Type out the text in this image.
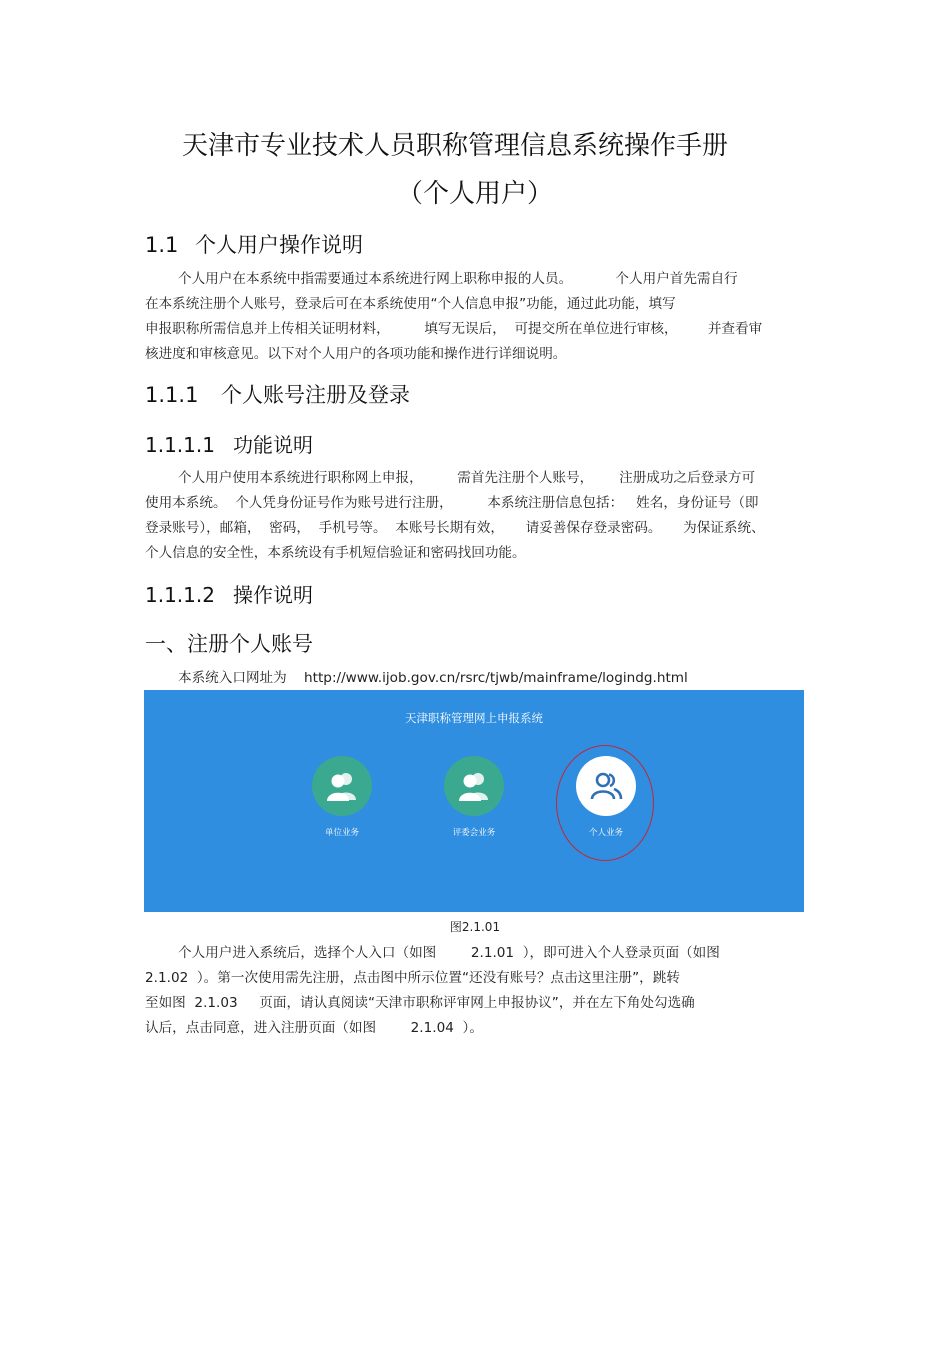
天津市专业技术人员职称管理信息系统操作手册
（个人用户）
1.1 个人用户操作说明
个人用户在本系统中指需要通过本系统进行网上职称申报的人员。          个人用户首先需自行
在本系统注册个人账号，登录后可在本系统使用“个人信息申报”功能，通过此功能，填写
申报职称所需信息并上传相关证明材料，        填写无误后，  可提交所在单位进行审核，       并查看审
核进度和审核意见。以下对个人用户的各项功能和操作进行详细说明。
1.1.1 个人账号注册及登录
1.1.1.1 功能说明
个人用户使用本系统进行职称网上申报，        需首先注册个人账号，      注册成功之后登录方可
使用本系统。  个人凭身份证号作为账号进行注册，        本系统注册信息包括：   姓名，身份证号（即
登录账号），邮箱，  密码，  手机号等。  本账号长期有效，     请妥善保存登录密码。     为保证系统、
个人信息的安全性，本系统设有手机短信验证和密码找回功能。
1.1.1.2 操作说明
一、注册个人账号
本系统入口网址为    http://www.ijob.gov.cn/rsrc/tjwb/mainframe/logindg.html
天津职称管理网上申报系统
单位业务	评委会业务	个人业务
图2.1.01
个人用户进入系统后，选择个人入口（如图        2.1.01  ），即可进入个人登录页面（如图
2.1.02  ）。第一次使用需先注册，点击图中所示位置“还没有账号？点击这里注册”，跳转
至如图  2.1.03     页面，请认真阅读“天津市职称评审网上申报协议”，并在左下角处勾选确
认后，点击同意，进入注册页面（如图        2.1.04  ）。
